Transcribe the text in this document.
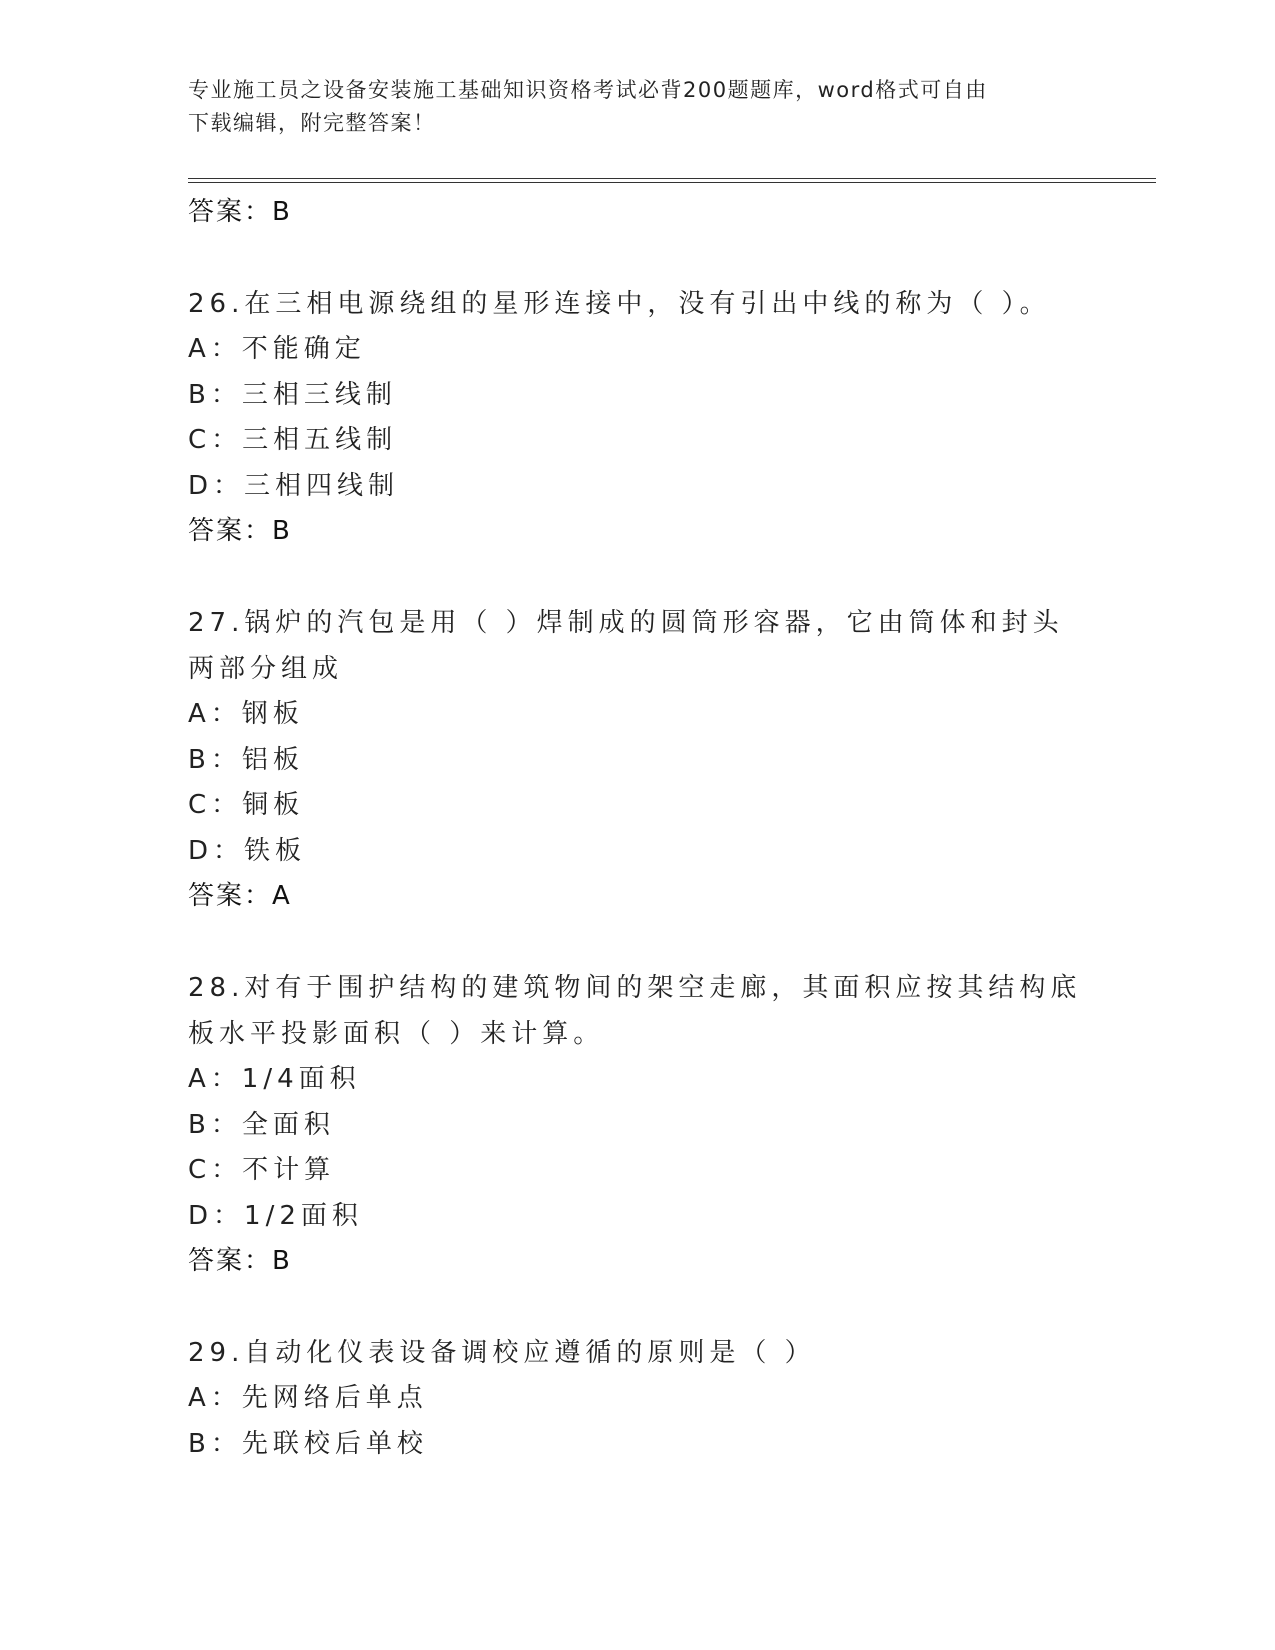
专业施工员之设备安装施工基础知识资格考试必背200题题库，word格式可自由
下载编辑，附完整答案！
答案：B
26.在三相电源绕组的星形连接中，没有引出中线的称为（ ）。
A：不能确定
B：三相三线制
C：三相五线制
D：三相四线制
答案：B
27.锅炉的汽包是用（ ）焊制成的圆筒形容器，它由筒体和封头两部分组成
A：钢板
B：铝板
C：铜板
D：铁板
答案：A
28.对有于围护结构的建筑物间的架空走廊，其面积应按其结构底板水平投影面积（ ）来计算。
A：1/4面积
B：全面积
C：不计算
D：1/2面积
答案：B
29.自动化仪表设备调校应遵循的原则是（ ）
A：先网络后单点
B：先联校后单校
